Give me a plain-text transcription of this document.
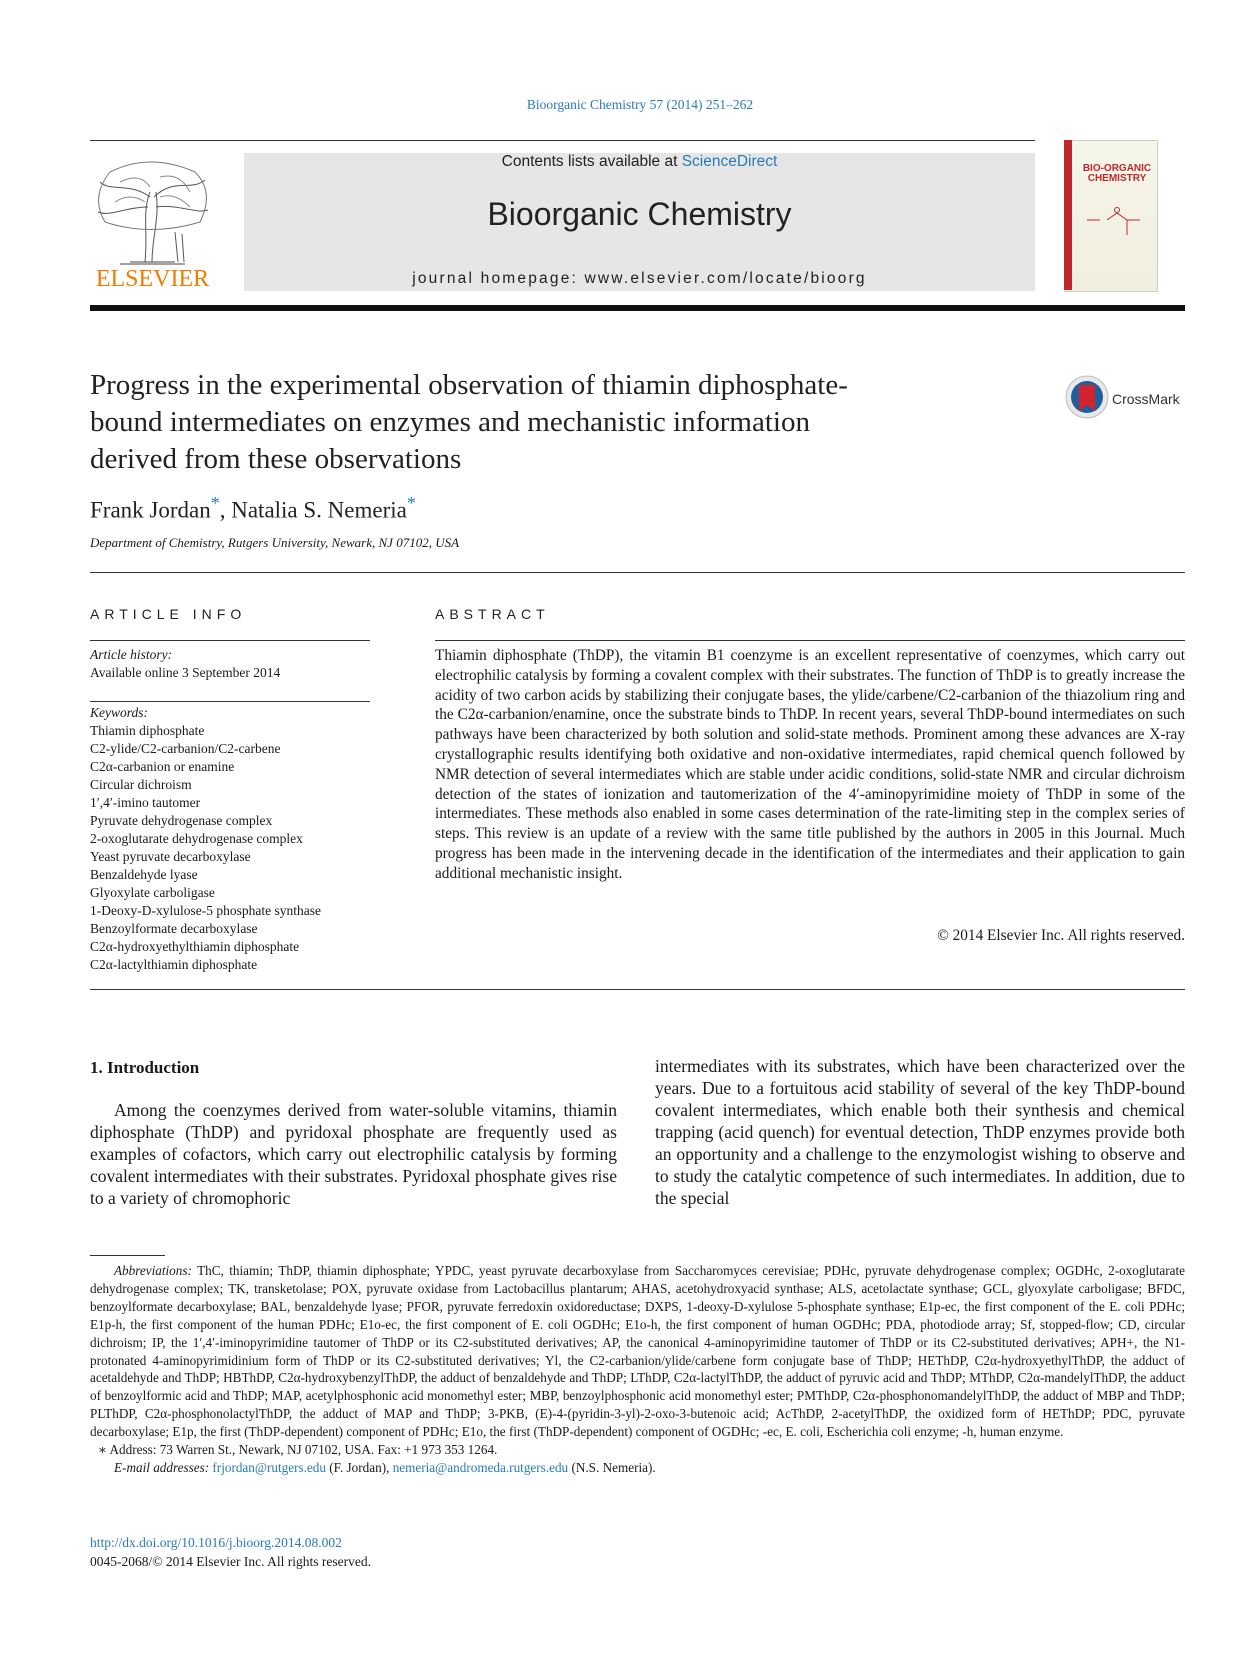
Bioorganic Chemistry 57 (2014) 251–262
ELSEVIER
Contents lists available at ScienceDirect
Bioorganic Chemistry
journal homepage: www.elsevier.com/locate/bioorg
BIO-ORGANIC CHEMISTRY
Progress in the experimental observation of thiamin diphosphate-bound intermediates on enzymes and mechanistic information derived from these observations
CrossMark
Frank Jordan*, Natalia S. Nemeria*
Department of Chemistry, Rutgers University, Newark, NJ 07102, USA
ARTICLE INFO	ABSTRACT
Article history:
Available online 3 September 2014
Keywords:
Thiamin diphosphate
C2-ylide/C2-carbanion/C2-carbene
C2α-carbanion or enamine
Circular dichroism
1′,4′-imino tautomer
Pyruvate dehydrogenase complex
2-oxoglutarate dehydrogenase complex
Yeast pyruvate decarboxylase
Benzaldehyde lyase
Glyoxylate carboligase
1-Deoxy-D-xylulose-5 phosphate synthase
Benzoylformate decarboxylase
C2α-hydroxyethylthiamin diphosphate
C2α-lactylthiamin diphosphate
Thiamin diphosphate (ThDP), the vitamin B1 coenzyme is an excellent representative of coenzymes, which carry out electrophilic catalysis by forming a covalent complex with their substrates. The function of ThDP is to greatly increase the acidity of two carbon acids by stabilizing their conjugate bases, the ylide/carbene/C2-carbanion of the thiazolium ring and the C2α-carbanion/enamine, once the substrate binds to ThDP. In recent years, several ThDP-bound intermediates on such pathways have been characterized by both solution and solid-state methods. Prominent among these advances are X-ray crystallographic results identifying both oxidative and non-oxidative intermediates, rapid chemical quench followed by NMR detection of several intermediates which are stable under acidic conditions, solid-state NMR and circular dichroism detection of the states of ionization and tautomerization of the 4′-aminopyrimidine moiety of ThDP in some of the intermediates. These methods also enabled in some cases determination of the rate-limiting step in the complex series of steps. This review is an update of a review with the same title published by the authors in 2005 in this Journal. Much progress has been made in the intervening decade in the identification of the intermediates and their application to gain additional mechanistic insight.
© 2014 Elsevier Inc. All rights reserved.
1. Introduction

Among the coenzymes derived from water-soluble vitamins, thiamin diphosphate (ThDP) and pyridoxal phosphate are frequently used as examples of cofactors, which carry out electrophilic catalysis by forming covalent intermediates with their substrates. Pyridoxal phosphate gives rise to a variety of chromophoric

intermediates with its substrates, which have been characterized over the years. Due to a fortuitous acid stability of several of the key ThDP-bound covalent intermediates, which enable both their synthesis and chemical trapping (acid quench) for eventual detection, ThDP enzymes provide both an opportunity and a challenge to the enzymologist wishing to observe and to study the catalytic competence of such intermediates. In addition, due to the special

Abbreviations: ThC, thiamin; ThDP, thiamin diphosphate; YPDC, yeast pyruvate decarboxylase from Saccharomyces cerevisiae; PDHc, pyruvate dehydrogenase complex; OGDHc, 2-oxoglutarate dehydrogenase complex; TK, transketolase; POX, pyruvate oxidase from Lactobacillus plantarum; AHAS, acetohydroxyacid synthase; ALS, acetolactate synthase; GCL, glyoxylate carboligase; BFDC, benzoylformate decarboxylase; BAL, benzaldehyde lyase; PFOR, pyruvate ferredoxin oxidoreductase; DXPS, 1-deoxy-D-xylulose 5-phosphate synthase; E1p-ec, the first component of the E. coli PDHc; E1p-h, the first component of the human PDHc; E1o-ec, the first component of E. coli OGDHc; E1o-h, the first component of human OGDHc; PDA, photodiode array; Sf, stopped-flow; CD, circular dichroism; IP, the 1′,4′-iminopyrimidine tautomer of ThDP or its C2-substituted derivatives; AP, the canonical 4-aminopyrimidine tautomer of ThDP or its C2-substituted derivatives; APH+, the N1-protonated 4-aminopyrimidinium form of ThDP or its C2-substituted derivatives; Yl, the C2-carbanion/ylide/carbene form conjugate base of ThDP; HEThDP, C2α-hydroxyethylThDP, the adduct of acetaldehyde and ThDP; HBThDP, C2α-hydroxybenzylThDP, the adduct of benzaldehyde and ThDP; LThDP, C2α-lactylThDP, the adduct of pyruvic acid and ThDP; MThDP, C2α-mandelylThDP, the adduct of benzoylformic acid and ThDP; MAP, acetylphosphonic acid monomethyl ester; MBP, benzoylphosphonic acid monomethyl ester; PMThDP, C2α-phosphonomandelylThDP, the adduct of MBP and ThDP; PLThDP, C2α-phosphonolactylThDP, the adduct of MAP and ThDP; 3-PKB, (E)-4-(pyridin-3-yl)-2-oxo-3-butenoic acid; AcThDP, 2-acetylThDP, the oxidized form of HEThDP; PDC, pyruvate decarboxylase; E1p, the first (ThDP-dependent) component of PDHc; E1o, the first (ThDP-dependent) component of OGDHc; -ec, E. coli, Escherichia coli enzyme; -h, human enzyme.

∗ Address: 73 Warren St., Newark, NJ 07102, USA. Fax: +1 973 353 1264.

E-mail addresses: frjordan@rutgers.edu (F. Jordan), nemeria@andromeda.rutgers.edu (N.S. Nemeria).

http://dx.doi.org/10.1016/j.bioorg.2014.08.002
0045-2068/© 2014 Elsevier Inc. All rights reserved.
